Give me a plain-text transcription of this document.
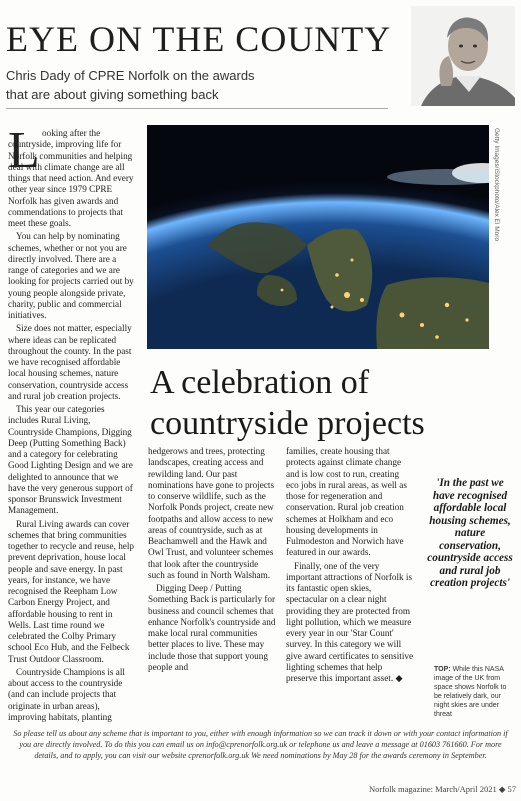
EYE ON THE COUNTY
Chris Dady of CPRE Norfolk on the awards
that are about giving something back
L ooking after the countryside, improving life for Norfolk communities and helping deal with climate change are all things that need action. And every other year since 1979 CPRE Norfolk has given awards and commendations to projects that meet these goals.

You can help by nominating schemes, whether or not you are directly involved. There are a range of categories and we are looking for projects carried out by young people alongside private, charity, public and commercial initiatives.

Size does not matter, especially where ideas can be replicated throughout the county. In the past we have recognised affordable local housing schemes, nature conservation, countryside access and rural job creation projects.

This year our categories includes Rural Living, Countryside Champions, Digging Deep (Putting Something Back) and a category for celebrating Good Lighting Design and we are delighted to announce that we have the very generous support of sponsor Brunswick Investment Management.

Rural Living awards can cover schemes that bring communities together to recycle and reuse, help prevent deprivation, house local people and save energy. In past years, for instance, we have recognised the Reepham Low Carbon Energy Project, and affordable housing to rent in Wells. Last time round we celebrated the Colby Primary school Eco Hub, and the Felbeck Trust Outdoor Classroom.

Countryside Champions is all about access to the countryside (and can include projects that originate in urban areas), improving habitats, planting

Getty Images/iStockphoto/Alex El Moro
A celebration of
countryside projects

hedgerows and trees, protecting landscapes, creating access and rewilding land. Our past nominations have gone to projects to conserve wildlife, such as the Norfolk Ponds project, create new footpaths and allow access to new areas of countryside, such as at Beachamwell and the Hawk and Owl Trust, and volunteer schemes that look after the countryside such as found in North Walsham.

Digging Deep / Putting Something Back is particularly for business and council schemes that enhance Norfolk's countryside and make local rural communities better places to live. These may include those that support young people and

families, create housing that protects against climate change and is low cost to run, creating eco jobs in rural areas, as well as those for regeneration and conservation. Rural job creation schemes at Holkham and eco housing developments in Fulmodeston and Norwich have featured in our awards.

Finally, one of the very important attractions of Norfolk is its fantastic open skies, spectacular on a clear night providing they are protected from light pollution, which we measure every year in our 'Star Count' survey. In this category we will give award certificates to sensitive lighting schemes that help preserve this important asset. ◆

'In the past we have recognised affordable local housing schemes, nature conservation, countryside access and rural job creation projects'
TOP: While this NASA image of the UK from space shows Norfolk to be relatively dark, our night skies are under threat
So please tell us about any scheme that is important to you, either with enough information so we can track it down or with your contact information if you are directly involved. To do this you can email us on info@cprenorfolk.org.uk or telephone us and leave a message at 01603 761660. For more details, and to apply, you can visit our website cprenorfolk.org.uk We need nominations by May 28 for the awards ceremony in September.
Norfolk magazine: March/April 2021 ◆ 57
